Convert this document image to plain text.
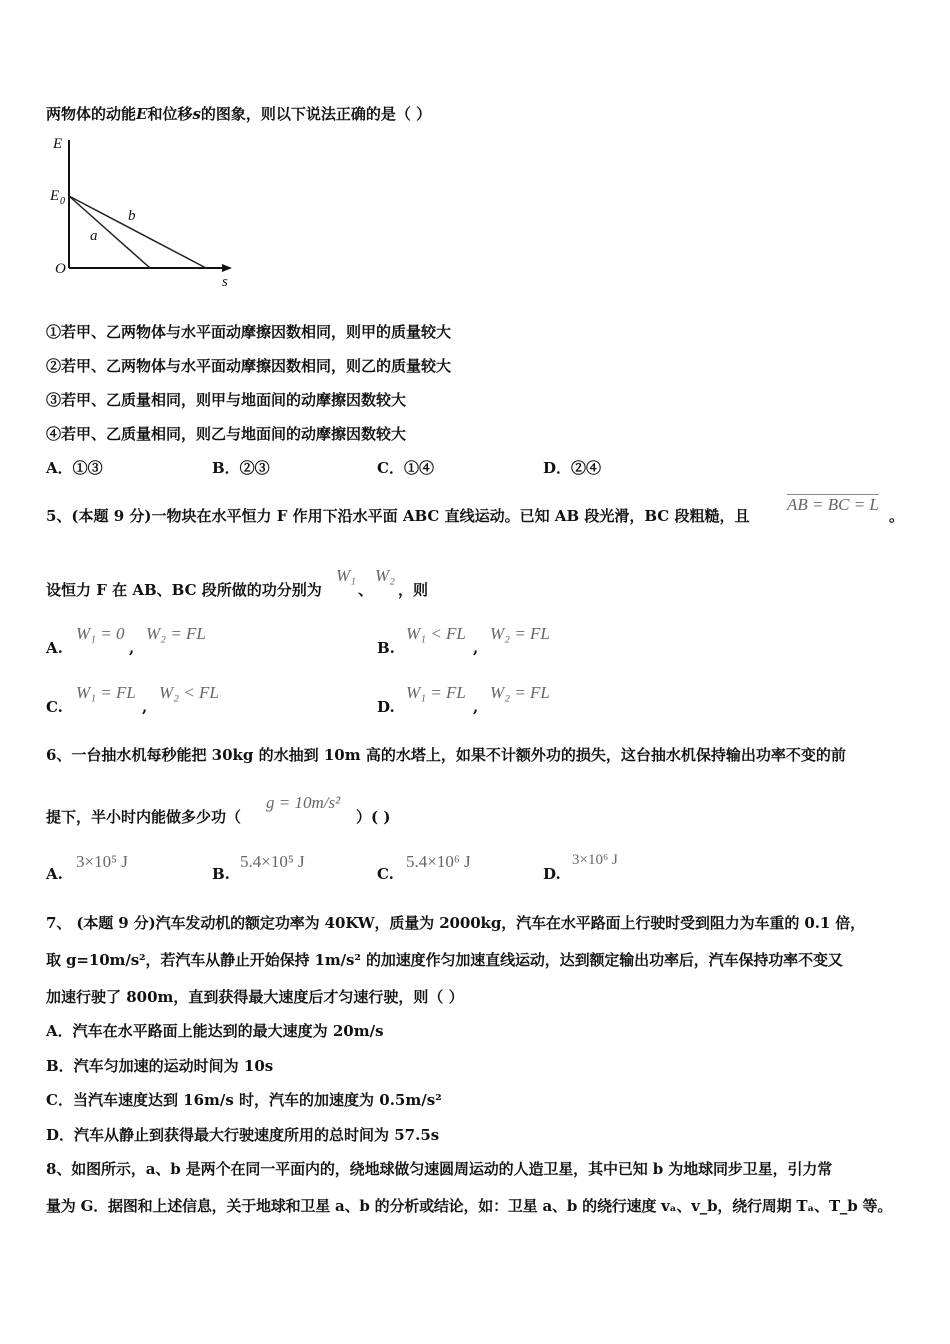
两物体的动能E和位移s的图象，则以下说法正确的是（ ）
E
E 0
O
s
a
b
①若甲、乙两物体与水平面动摩擦因数相同，则甲的质量较大
②若甲、乙两物体与水平面动摩擦因数相同，则乙的质量较大
③若甲、乙质量相同，则甲与地面间的动摩擦因数较大
④若甲、乙质量相同，则乙与地面间的动摩擦因数较大
A．①③	B．②③	C．①④	D．②④
5、(本题 9 分)一物块在水平恒力 F 作用下沿水平面 ABC 直线运动。已知 AB 段光滑，BC 段粗糙，且
AB = BC = L
。
设恒力 F 在 AB、BC 段所做的功分别为
W₁
、
W₂
，则
A.
W₁ = 0
,
W₂ = FL
B.
W₁ < FL
,
W₂ = FL
C.
W₁ = FL
,
W₂ < FL
D.
W₁ = FL
,
W₂ = FL
6、一台抽水机每秒能把 30kg 的水抽到 10m 高的水塔上，如果不计额外功的损失，这台抽水机保持输出功率不变的前
提下，半小时内能做多少功（
g = 10m/s²
）( )
A.
3×10⁵ J
B.
5.4×10⁵ J
C.
5.4×10⁶ J
D.
3×10⁶ J
7、 (本题 9 分)汽车发动机的额定功率为 40KW，质量为 2000kg，汽车在水平路面上行驶时受到阻力为车重的 0.1 倍，
取 g=10m/s²，若汽车从静止开始保持 1m/s² 的加速度作匀加速直线运动，达到额定输出功率后，汽车保持功率不变又
加速行驶了 800m，直到获得最大速度后才匀速行驶，则（ ）
A．汽车在水平路面上能达到的最大速度为 20m/s
B．汽车匀加速的运动时间为 10s
C．当汽车速度达到 16m/s 时，汽车的加速度为 0.5m/s²
D．汽车从静止到获得最大行驶速度所用的总时间为 57.5s
8、如图所示，a、b 是两个在同一平面内的，绕地球做匀速圆周运动的人造卫星，其中已知 b 为地球同步卫星，引力常
量为 G．据图和上述信息，关于地球和卫星 a、b 的分析或结论，如：卫星 a、b 的绕行速度 vₐ、v_b，绕行周期 Tₐ、T_b 等。
